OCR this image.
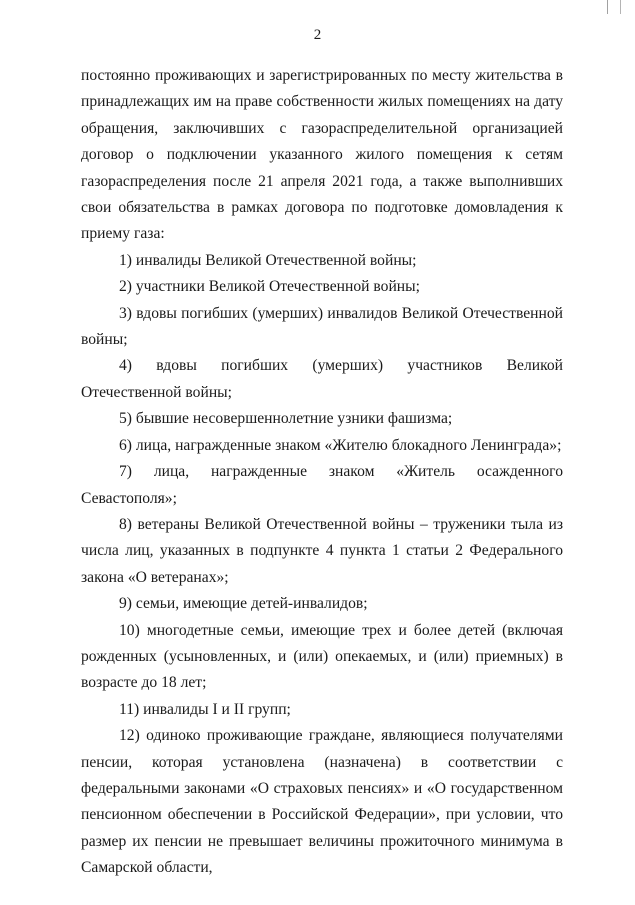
2

постоянно проживающих и зарегистрированных по месту жительства в принадлежащих им на праве собственности жилых помещениях на дату обращения, заключивших с газораспределительной организацией договор о подключении указанного жилого помещения к сетям газораспределения после 21 апреля 2021 года, а также выполнивших свои обязательства в рамках договора по подготовке домовладения к приему газа:

1) инвалиды Великой Отечественной войны;

2) участники Великой Отечественной войны;

3) вдовы погибших (умерших) инвалидов Великой Отечественной войны;

4) вдовы погибших (умерших) участников Великой Отечественной войны;

5) бывшие несовершеннолетние узники фашизма;

6) лица, награжденные знаком «Жителю блокадного Ленинграда»;

7) лица, награжденные знаком «Житель осажденного Севастополя»;

8) ветераны Великой Отечественной войны – труженики тыла из числа лиц, указанных в подпункте 4 пункта 1 статьи 2 Федерального закона «О ветеранах»;

9) семьи, имеющие детей-инвалидов;

10) многодетные семьи, имеющие трех и более детей (включая рожденных (усыновленных, и (или) опекаемых, и (или) приемных) в возрасте до 18 лет;

11) инвалиды I и II групп;

12) одиноко проживающие граждане, являющиеся получателями пенсии, которая установлена (назначена) в соответствии с федеральными законами «О страховых пенсиях» и «О государственном пенсионном обеспечении в Российской Федерации», при условии, что размер их пенсии не превышает величины прожиточного минимума в Самарской области,
